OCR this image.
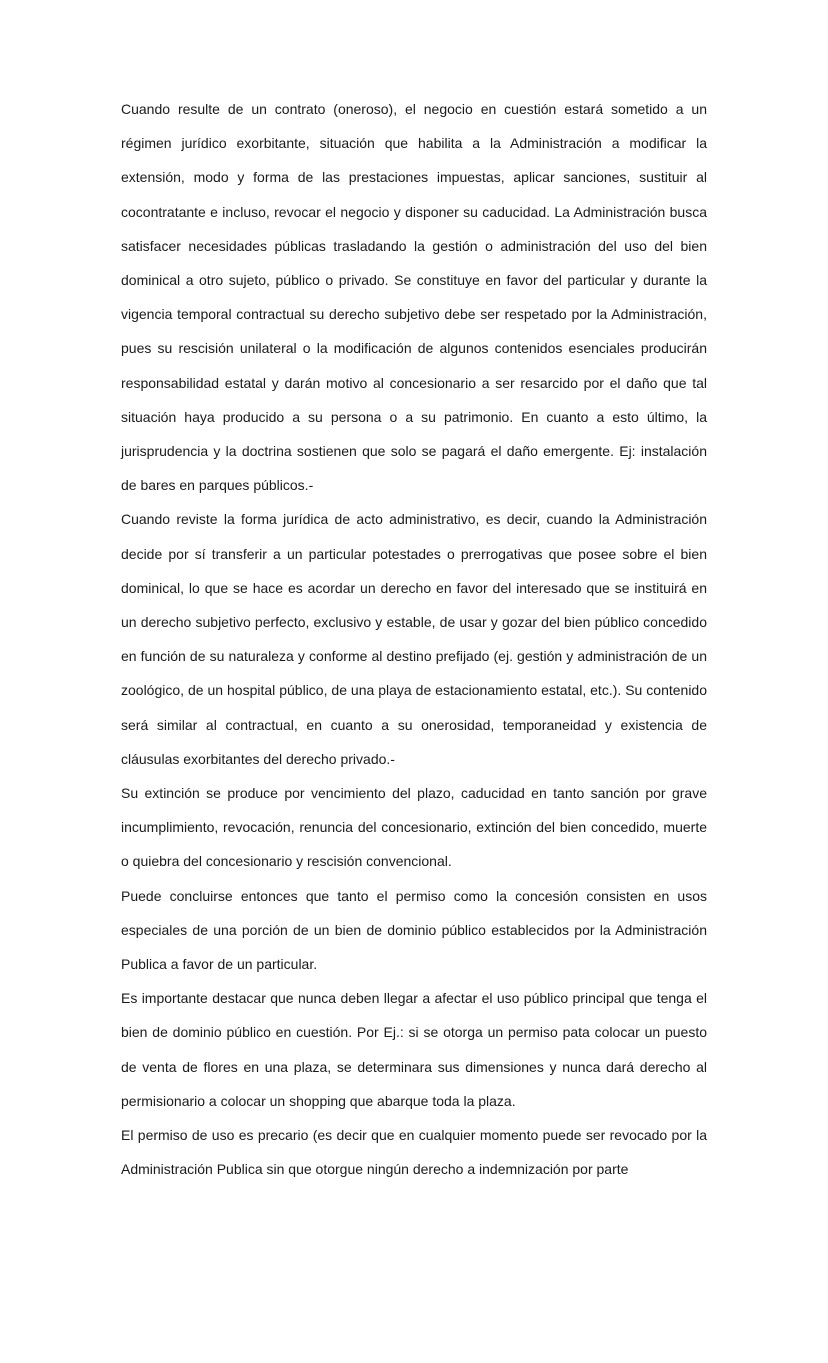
Cuando resulte de un contrato (oneroso), el negocio en cuestión estará sometido a un régimen jurídico exorbitante, situación que habilita a la Administración a modificar la extensión, modo y forma de las prestaciones impuestas, aplicar sanciones, sustituir al cocontratante e incluso, revocar el negocio y disponer su caducidad. La Administración busca satisfacer necesidades públicas trasladando la gestión o administración del uso del bien dominical a otro sujeto, público o privado. Se constituye en favor del particular y durante la vigencia temporal contractual su derecho subjetivo debe ser respetado por la Administración, pues su rescisión unilateral o la modificación de algunos contenidos esenciales producirán responsabilidad estatal y darán motivo al concesionario a ser resarcido por el daño que tal situación haya producido a su persona o a su patrimonio. En cuanto a esto último, la jurisprudencia y la doctrina sostienen que solo se pagará el daño emergente. Ej: instalación de bares en parques públicos.-

Cuando reviste la forma jurídica de acto administrativo, es decir, cuando la Administración decide por sí transferir a un particular potestades o prerrogativas que posee sobre el bien dominical, lo que se hace es acordar un derecho en favor del interesado que se instituirá en un derecho subjetivo perfecto, exclusivo y estable, de usar y gozar del bien público concedido en función de su naturaleza y conforme al destino prefijado (ej. gestión y administración de un zoológico, de un hospital público, de una playa de estacionamiento estatal, etc.). Su contenido será similar al contractual, en cuanto a su onerosidad, temporaneidad y existencia de cláusulas exorbitantes del derecho privado.-

Su extinción se produce por vencimiento del plazo, caducidad en tanto sanción por grave incumplimiento, revocación, renuncia del concesionario, extinción del bien concedido, muerte o quiebra del concesionario y rescisión convencional.

Puede concluirse entonces que tanto el permiso como la concesión consisten en usos especiales de una porción de un bien de dominio público establecidos por la Administración Publica a favor de un particular.

Es importante destacar que nunca deben llegar a afectar el uso público principal que tenga el bien de dominio público en cuestión. Por Ej.: si se otorga un permiso pata colocar un puesto de venta de flores en una plaza, se determinara sus dimensiones y nunca dará derecho al permisionario a colocar un shopping que abarque toda la plaza.

El permiso de uso es precario (es decir que en cualquier momento puede ser revocado por la Administración Publica sin que otorgue ningún derecho a indemnización por parte
